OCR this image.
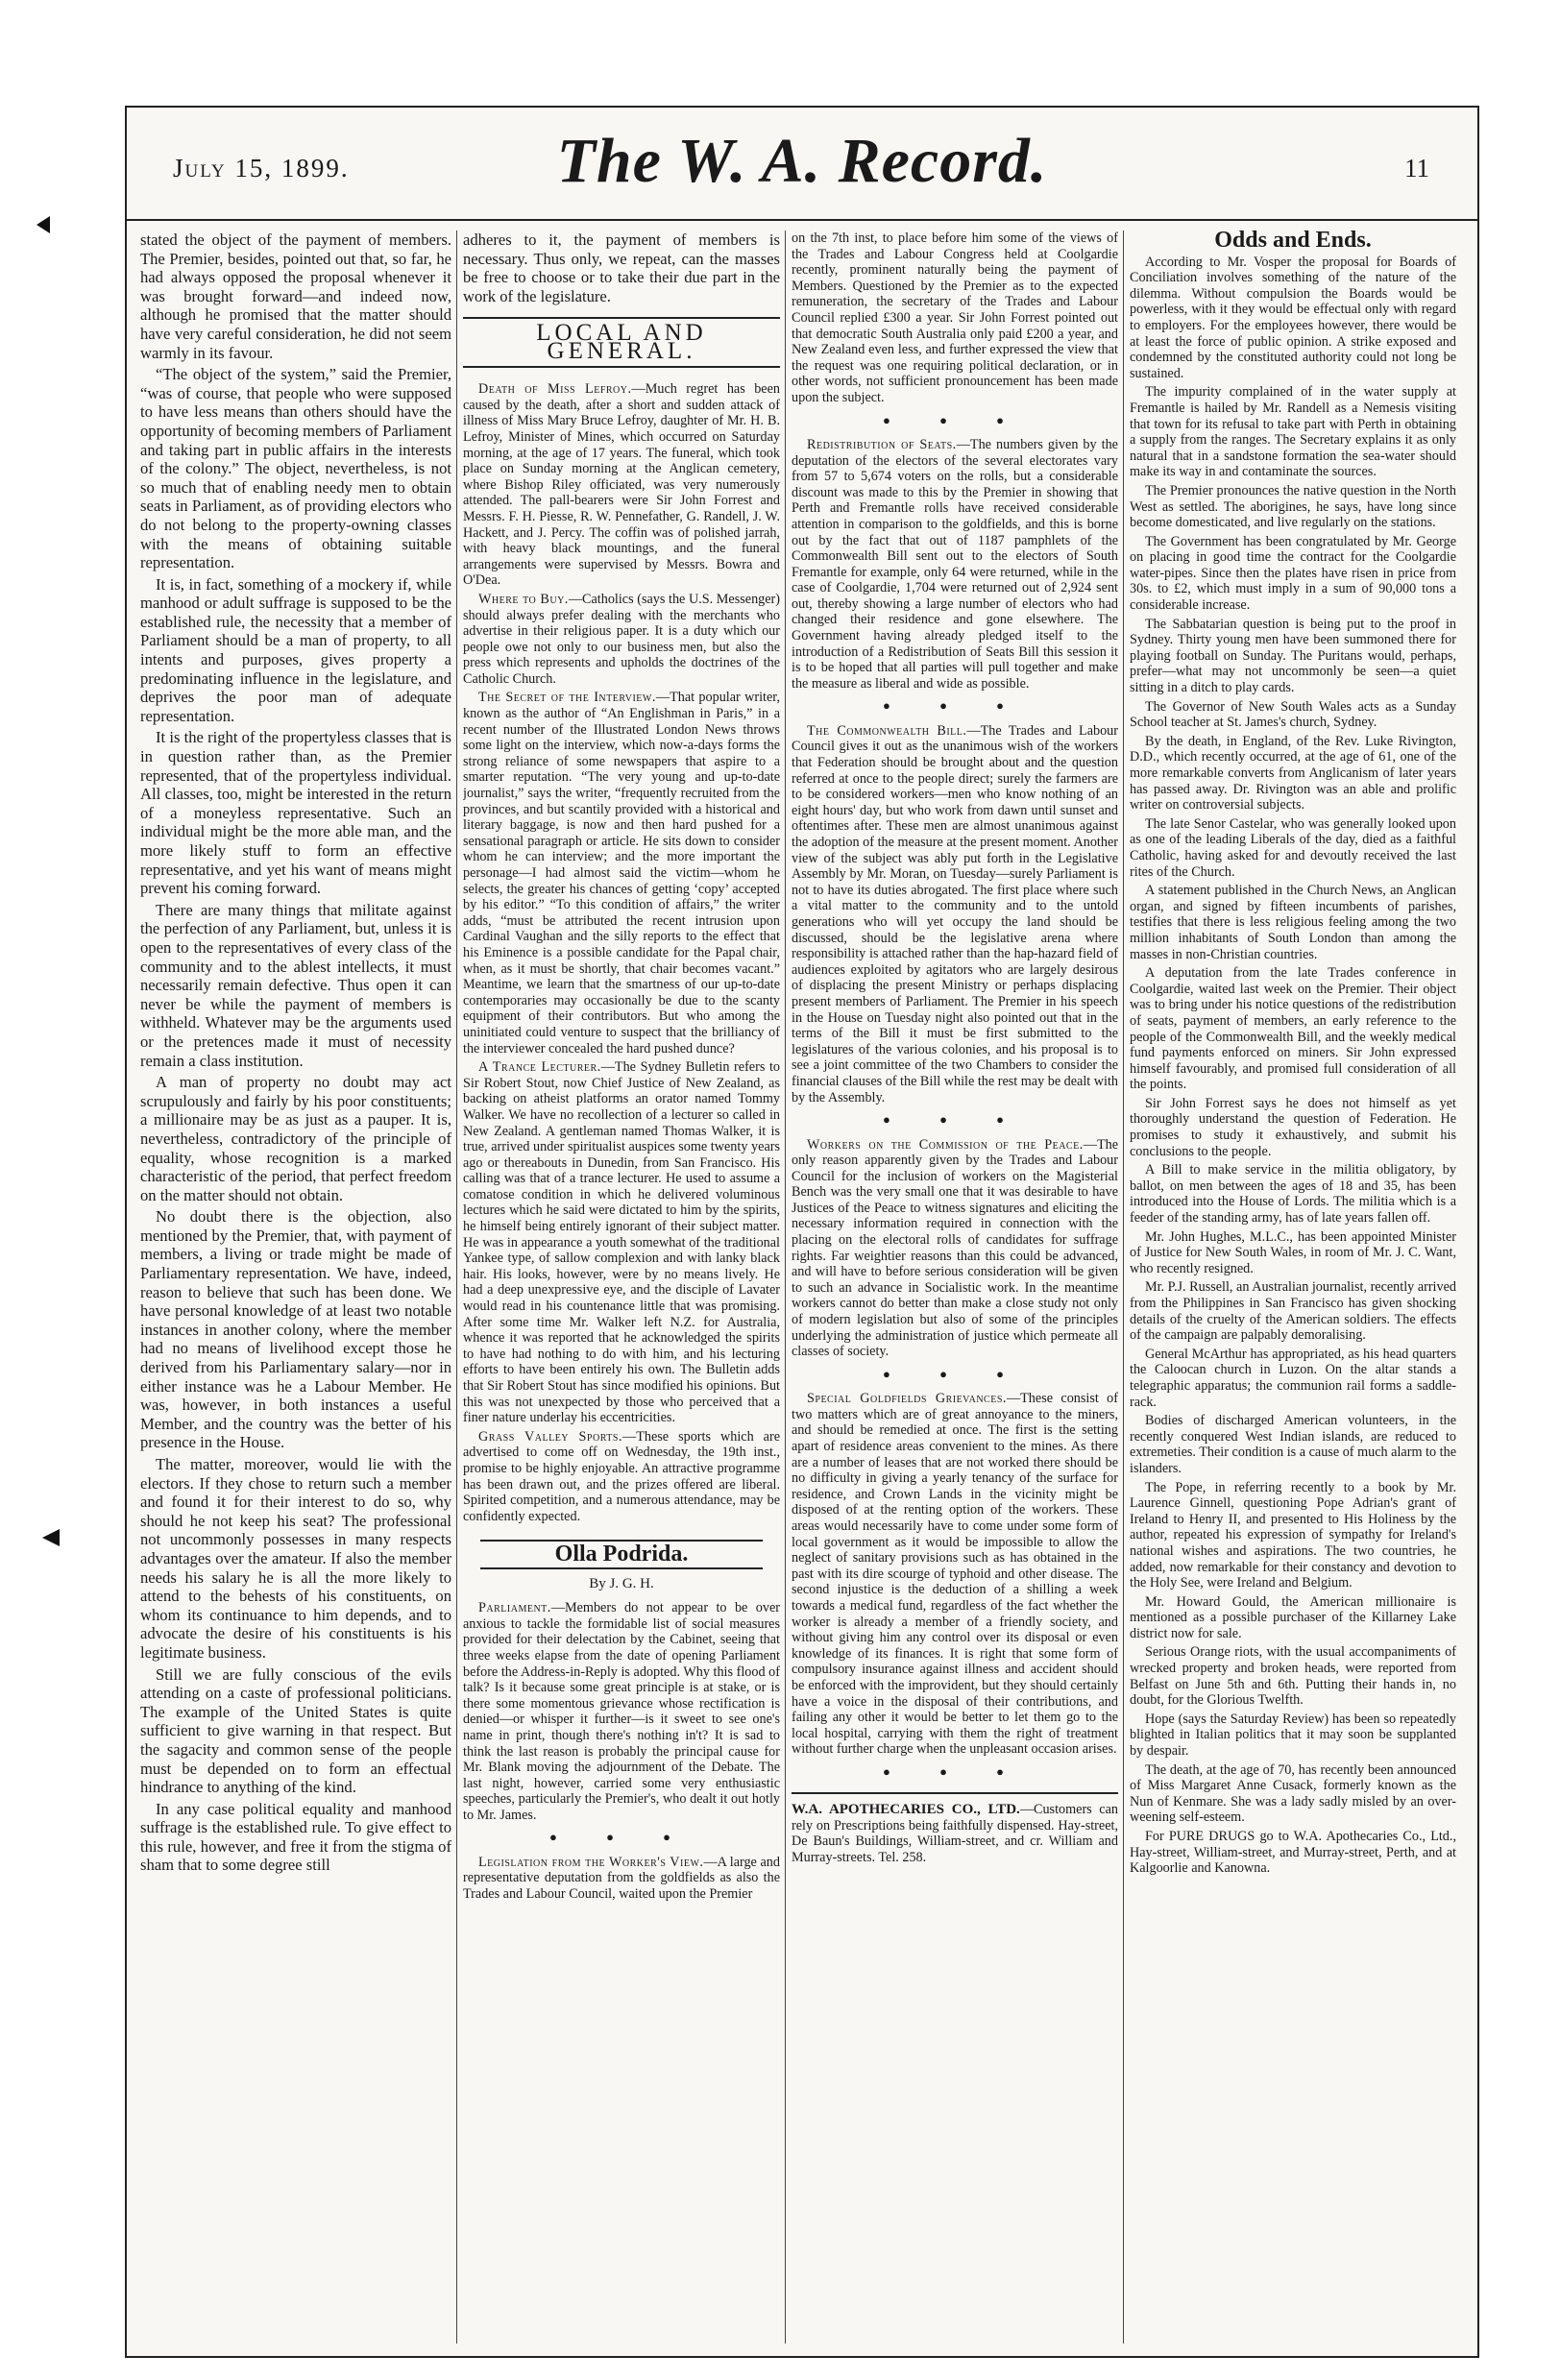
July 15, 1899.	The W. A. Record.	11

stated the object of the payment of members. The Premier, besides, pointed out that, so far, he had always opposed the proposal whenever it was brought forward—and indeed now, although he promised that the matter should have very careful consideration, he did not seem warmly in its favour.

“The object of the system,” said the Premier, “was of course, that people who were supposed to have less means than others should have the opportunity of becoming members of Parliament and taking part in public affairs in the interests of the colony.” The object, nevertheless, is not so much that of enabling needy men to obtain seats in Parliament, as of providing electors who do not belong to the property-owning classes with the means of obtaining suitable representation.

It is, in fact, something of a mockery if, while manhood or adult suffrage is supposed to be the established rule, the necessity that a member of Parliament should be a man of property, to all intents and purposes, gives property a predominating influence in the legislature, and deprives the poor man of adequate representation.

It is the right of the propertyless classes that is in question rather than, as the Premier represented, that of the propertyless individual. All classes, too, might be interested in the return of a moneyless representative. Such an individual might be the more able man, and the more likely stuff to form an effective representative, and yet his want of means might prevent his coming forward.

There are many things that militate against the perfection of any Parliament, but, unless it is open to the representatives of every class of the community and to the ablest intellects, it must necessarily remain defective. Thus open it can never be while the payment of members is withheld. Whatever may be the arguments used or the pretences made it must of necessity remain a class institution.

A man of property no doubt may act scrupulously and fairly by his poor constituents; a millionaire may be as just as a pauper. It is, nevertheless, contradictory of the principle of equality, whose recognition is a marked characteristic of the period, that perfect freedom on the matter should not obtain.

No doubt there is the objection, also mentioned by the Premier, that, with payment of members, a living or trade might be made of Parliamentary representation. We have, indeed, reason to believe that such has been done. We have personal knowledge of at least two notable instances in another colony, where the member had no means of livelihood except those he derived from his Parliamentary salary—nor in either instance was he a Labour Member. He was, however, in both instances a useful Member, and the country was the better of his presence in the House.

The matter, moreover, would lie with the electors. If they chose to return such a member and found it for their interest to do so, why should he not keep his seat? The professional not uncommonly possesses in many respects advantages over the amateur. If also the member needs his salary he is all the more likely to attend to the behests of his constituents, on whom its continuance to him depends, and to advocate the desire of his constituents is his legitimate business.

Still we are fully conscious of the evils attending on a caste of professional politicians. The example of the United States is quite sufficient to give warning in that respect. But the sagacity and common sense of the people must be depended on to form an effectual hindrance to anything of the kind.

In any case political equality and manhood suffrage is the established rule. To give effect to this rule, however, and free it from the stigma of sham that to some degree still

adheres to it, the payment of members is necessary. Thus only, we repeat, can the masses be free to choose or to take their due part in the work of the legislature.

LOCAL AND GENERAL.

Death of Miss Lefroy.—Much regret has been caused by the death, after a short and sudden attack of illness of Miss Mary Bruce Lefroy, daughter of Mr. H. B. Lefroy, Minister of Mines, which occurred on Saturday morning, at the age of 17 years. The funeral, which took place on Sunday morning at the Anglican cemetery, where Bishop Riley officiated, was very numerously attended. The pall-bearers were Sir John Forrest and Messrs. F. H. Piesse, R. W. Pennefather, G. Randell, J. W. Hackett, and J. Percy. The coffin was of polished jarrah, with heavy black mountings, and the funeral arrangements were supervised by Messrs. Bowra and O'Dea.

Where to Buy.—Catholics (says the U.S. Messenger) should always prefer dealing with the merchants who advertise in their religious paper. It is a duty which our people owe not only to our business men, but also the press which represents and upholds the doctrines of the Catholic Church.

The Secret of the Interview.—That popular writer, known as the author of “An Englishman in Paris,” in a recent number of the Illustrated London News throws some light on the interview, which now-a-days forms the strong reliance of some newspapers that aspire to a smarter reputation. “The very young and up-to-date journalist,” says the writer, “frequently recruited from the provinces, and but scantily provided with a historical and literary baggage, is now and then hard pushed for a sensational paragraph or article. He sits down to consider whom he can interview; and the more important the personage—I had almost said the victim—whom he selects, the greater his chances of getting ‘copy’ accepted by his editor.” “To this condition of affairs,” the writer adds, “must be attributed the recent intrusion upon Cardinal Vaughan and the silly reports to the effect that his Eminence is a possible candidate for the Papal chair, when, as it must be shortly, that chair becomes vacant.” Meantime, we learn that the smartness of our up-to-date contemporaries may occasionally be due to the scanty equipment of their contributors. But who among the uninitiated could venture to suspect that the brilliancy of the interviewer concealed the hard pushed dunce?

A Trance Lecturer.—The Sydney Bulletin refers to Sir Robert Stout, now Chief Justice of New Zealand, as backing on atheist platforms an orator named Tommy Walker. We have no recollection of a lecturer so called in New Zealand. A gentleman named Thomas Walker, it is true, arrived under spiritualist auspices some twenty years ago or thereabouts in Dunedin, from San Francisco. His calling was that of a trance lecturer. He used to assume a comatose condition in which he delivered voluminous lectures which he said were dictated to him by the spirits, he himself being entirely ignorant of their subject matter. He was in appearance a youth somewhat of the traditional Yankee type, of sallow complexion and with lanky black hair. His looks, however, were by no means lively. He had a deep unexpressive eye, and the disciple of Lavater would read in his countenance little that was promising. After some time Mr. Walker left N.Z. for Australia, whence it was reported that he acknowledged the spirits to have had nothing to do with him, and his lecturing efforts to have been entirely his own. The Bulletin adds that Sir Robert Stout has since modified his opinions. But this was not unexpected by those who perceived that a finer nature underlay his eccentricities.

Grass Valley Sports.—These sports which are advertised to come off on Wednesday, the 19th inst., promise to be highly enjoyable. An attractive programme has been drawn out, and the prizes offered are liberal. Spirited competition, and a numerous attendance, may be confidently expected.

Olla Podrida.
By J. G. H.

Parliament.—Members do not appear to be over anxious to tackle the formidable list of social measures provided for their delectation by the Cabinet, seeing that three weeks elapse from the date of opening Parliament before the Address-in-Reply is adopted. Why this flood of talk? Is it because some great principle is at stake, or is there some momentous grievance whose rectification is denied—or whisper it further—is it sweet to see one's name in print, though there's nothing in't? It is sad to think the last reason is probably the principal cause for Mr. Blank moving the adjournment of the Debate. The last night, however, carried some very enthusiastic speeches, particularly the Premier's, who dealt it out hotly to Mr. James.

● ● ●

Legislation from the Worker's View.—A large and representative deputation from the goldfields as also the Trades and Labour Council, waited upon the Premier

on the 7th inst, to place before him some of the views of the Trades and Labour Congress held at Coolgardie recently, prominent naturally being the payment of Members. Questioned by the Premier as to the expected remuneration, the secretary of the Trades and Labour Council replied £300 a year. Sir John Forrest pointed out that democratic South Australia only paid £200 a year, and New Zealand even less, and further expressed the view that the request was one requiring political declaration, or in other words, not sufficient pronouncement has been made upon the subject.

● ● ●

Redistribution of Seats.—The numbers given by the deputation of the electors of the several electorates vary from 57 to 5,674 voters on the rolls, but a considerable discount was made to this by the Premier in showing that Perth and Fremantle rolls have received considerable attention in comparison to the goldfields, and this is borne out by the fact that out of 1187 pamphlets of the Commonwealth Bill sent out to the electors of South Fremantle for example, only 64 were returned, while in the case of Coolgardie, 1,704 were returned out of 2,924 sent out, thereby showing a large number of electors who had changed their residence and gone elsewhere. The Government having already pledged itself to the introduction of a Redistribution of Seats Bill this session it is to be hoped that all parties will pull together and make the measure as liberal and wide as possible.

● ● ●

The Commonwealth Bill.—The Trades and Labour Council gives it out as the unanimous wish of the workers that Federation should be brought about and the question referred at once to the people direct; surely the farmers are to be considered workers—men who know nothing of an eight hours' day, but who work from dawn until sunset and oftentimes after. These men are almost unanimous against the adoption of the measure at the present moment. Another view of the subject was ably put forth in the Legislative Assembly by Mr. Moran, on Tuesday—surely Parliament is not to have its duties abrogated. The first place where such a vital matter to the community and to the untold generations who will yet occupy the land should be discussed, should be the legislative arena where responsibility is attached rather than the hap-hazard field of audiences exploited by agitators who are largely desirous of displacing the present Ministry or perhaps displacing present members of Parliament. The Premier in his speech in the House on Tuesday night also pointed out that in the terms of the Bill it must be first submitted to the legislatures of the various colonies, and his proposal is to see a joint committee of the two Chambers to consider the financial clauses of the Bill while the rest may be dealt with by the Assembly.

● ● ●

Workers on the Commission of the Peace.—The only reason apparently given by the Trades and Labour Council for the inclusion of workers on the Magisterial Bench was the very small one that it was desirable to have Justices of the Peace to witness signatures and eliciting the necessary information required in connection with the placing on the electoral rolls of candidates for suffrage rights. Far weightier reasons than this could be advanced, and will have to before serious consideration will be given to such an advance in Socialistic work. In the meantime workers cannot do better than make a close study not only of modern legislation but also of some of the principles underlying the administration of justice which permeate all classes of society.

● ● ●

Special Goldfields Grievances.—These consist of two matters which are of great annoyance to the miners, and should be remedied at once. The first is the setting apart of residence areas convenient to the mines. As there are a number of leases that are not worked there should be no difficulty in giving a yearly tenancy of the surface for residence, and Crown Lands in the vicinity might be disposed of at the renting option of the workers. These areas would necessarily have to come under some form of local government as it would be impossible to allow the neglect of sanitary provisions such as has obtained in the past with its dire scourge of typhoid and other disease. The second injustice is the deduction of a shilling a week towards a medical fund, regardless of the fact whether the worker is already a member of a friendly society, and without giving him any control over its disposal or even knowledge of its finances. It is right that some form of compulsory insurance against illness and accident should be enforced with the improvident, but they should certainly have a voice in the disposal of their contributions, and failing any other it would be better to let them go to the local hospital, carrying with them the right of treatment without further charge when the unpleasant occasion arises.

● ● ●
W.A. APOTHECARIES CO., LTD.—Customers can rely on Prescriptions being faithfully dispensed. Hay-street, De Baun's Buildings, William-street, and cr. William and Murray-streets. Tel. 258.
Odds and Ends.

According to Mr. Vosper the proposal for Boards of Conciliation involves something of the nature of the dilemma. Without compulsion the Boards would be powerless, with it they would be effectual only with regard to employers. For the employees however, there would be at least the force of public opinion. A strike exposed and condemned by the constituted authority could not long be sustained.

The impurity complained of in the water supply at Fremantle is hailed by Mr. Randell as a Nemesis visiting that town for its refusal to take part with Perth in obtaining a supply from the ranges. The Secretary explains it as only natural that in a sandstone formation the sea-water should make its way in and contaminate the sources.

The Premier pronounces the native question in the North West as settled. The aborigines, he says, have long since become domesticated, and live regularly on the stations.

The Government has been congratulated by Mr. George on placing in good time the contract for the Coolgardie water-pipes. Since then the plates have risen in price from 30s. to £2, which must imply in a sum of 90,000 tons a considerable increase.

The Sabbatarian question is being put to the proof in Sydney. Thirty young men have been summoned there for playing football on Sunday. The Puritans would, perhaps, prefer—what may not uncommonly be seen—a quiet sitting in a ditch to play cards.

The Governor of New South Wales acts as a Sunday School teacher at St. James's church, Sydney.

By the death, in England, of the Rev. Luke Rivington, D.D., which recently occurred, at the age of 61, one of the more remarkable converts from Anglicanism of later years has passed away. Dr. Rivington was an able and prolific writer on controversial subjects.

The late Senor Castelar, who was generally looked upon as one of the leading Liberals of the day, died as a faithful Catholic, having asked for and devoutly received the last rites of the Church.

A statement published in the Church News, an Anglican organ, and signed by fifteen incumbents of parishes, testifies that there is less religious feeling among the two million inhabitants of South London than among the masses in non-Christian countries.

A deputation from the late Trades conference in Coolgardie, waited last week on the Premier. Their object was to bring under his notice questions of the redistribution of seats, payment of members, an early reference to the people of the Commonwealth Bill, and the weekly medical fund payments enforced on miners. Sir John expressed himself favourably, and promised full consideration of all the points.

Sir John Forrest says he does not himself as yet thoroughly understand the question of Federation. He promises to study it exhaustively, and submit his conclusions to the people.

A Bill to make service in the militia obligatory, by ballot, on men between the ages of 18 and 35, has been introduced into the House of Lords. The militia which is a feeder of the standing army, has of late years fallen off.

Mr. John Hughes, M.L.C., has been appointed Minister of Justice for New South Wales, in room of Mr. J. C. Want, who recently resigned.

Mr. P.J. Russell, an Australian journalist, recently arrived from the Philippines in San Francisco has given shocking details of the cruelty of the American soldiers. The effects of the campaign are palpably demoralising.

General McArthur has appropriated, as his head quarters the Caloocan church in Luzon. On the altar stands a telegraphic apparatus; the communion rail forms a saddle-rack.

Bodies of discharged American volunteers, in the recently conquered West Indian islands, are reduced to extremeties. Their condition is a cause of much alarm to the islanders.

The Pope, in referring recently to a book by Mr. Laurence Ginnell, questioning Pope Adrian's grant of Ireland to Henry II, and presented to His Holiness by the author, repeated his expression of sympathy for Ireland's national wishes and aspirations. The two countries, he added, now remarkable for their constancy and devotion to the Holy See, were Ireland and Belgium.

Mr. Howard Gould, the American millionaire is mentioned as a possible purchaser of the Killarney Lake district now for sale.

Serious Orange riots, with the usual accompaniments of wrecked property and broken heads, were reported from Belfast on June 5th and 6th. Putting their hands in, no doubt, for the Glorious Twelfth.

Hope (says the Saturday Review) has been so repeatedly blighted in Italian politics that it may soon be supplanted by despair.

The death, at the age of 70, has recently been announced of Miss Margaret Anne Cusack, formerly known as the Nun of Kenmare. She was a lady sadly misled by an over-weening self-esteem.

For PURE DRUGS go to W.A. Apothecaries Co., Ltd., Hay-street, William-street, and Murray-street, Perth, and at Kalgoorlie and Kanowna.
